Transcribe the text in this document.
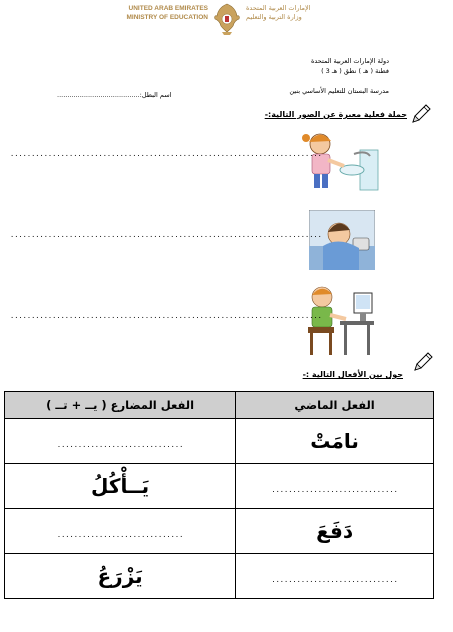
UNITED ARAB EMIRATES
MINISTRY OF EDUCATION
الإمارات العربية المتحدة
وزارة التربية والتعليم
دولة الإمارات العربية المتحدة
فطنة ( هـ ) نطق ( هـ 3 )
مدرسة البستان للتعليم الأساسي بنين
اسم البطل:........................................
جملة فعلية معبرة عن الصور التالية:-
..........................................................................
..........................................................................
..........................................................................
حول بين الأفعال التالية :-
الفعل المضارع ( يــ + تــ )	الفعل الماضي
..............................	نامَتْ
يَــأْكُلُ	..............................
..............................	دَفَعَ
يَزْرَعُ	..............................
